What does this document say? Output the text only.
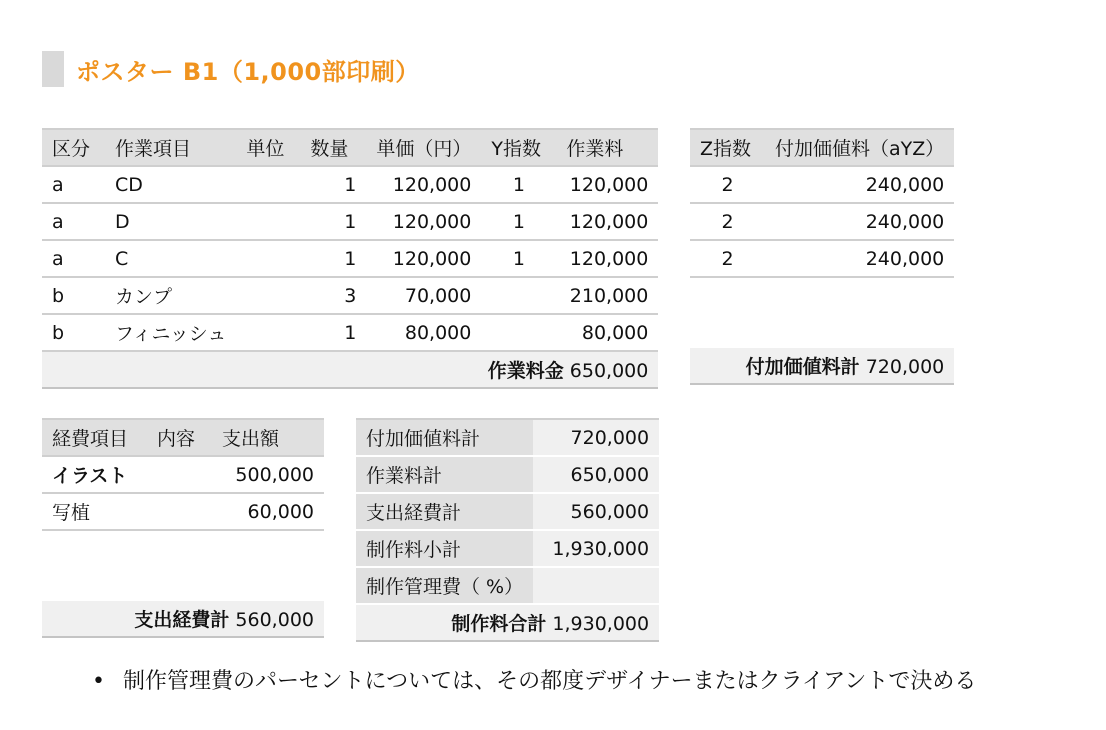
ポスター B1（1,000部印刷）
区分	作業項目	単位	数量	単価（円）	Y指数	作業料
a	CD		1	120,000	1	120,000
a	D		1	120,000	1	120,000
a	C		1	120,000	1	120,000
b	カンプ		3	70,000		210,000
b	フィニッシュ		1	80,000		80,000
作業料金 650,000						
Z指数	付加価値料（aYZ）
2	240,000
2	240,000
2	240,000

付加価値料計 720,000	
経費項目	内容	支出額
イラスト		500,000
写植		60,000

支出経費計 560,000		
付加価値料計	720,000
作業料計	650,000
支出経費計	560,000
制作料小計	1,930,000
制作管理費（ %）	
制作料合計 1,930,000	
• 制作管理費のパーセントについては、その都度デザイナーまたはクライアントで決める
